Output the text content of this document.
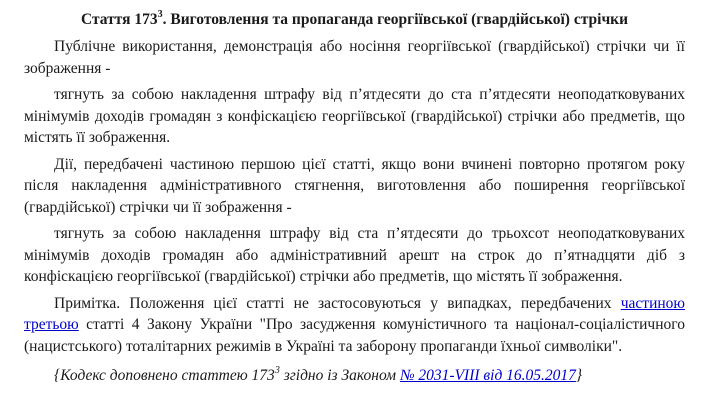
Стаття $173^3$. Виготовлення та пропаганда георгіївської (гвардійської) стрічки

Публічне використання, демонстрація або носіння георгіївської (гвардійської) стрічки чи її зображення -

тягнуть за собою накладення штрафу від п’ятдесяти до ста п’ятдесяти неоподатковуваних мінімумів доходів громадян з конфіскацією георгіївської (гвардійської) стрічки або предметів, що містять її зображення.

Дії, передбачені частиною першою цієї статті, якщо вони вчинені повторно протягом року після накладення адміністративного стягнення, виготовлення або поширення георгіївської (гвардійської) стрічки чи її зображення -

тягнуть за собою накладення штрафу від ста п’ятдесяти до трьохсот неоподатковуваних мінімумів доходів громадян або адміністративний арешт на строк до п’ятнадцяти діб з конфіскацією георгіївської (гвардійської) стрічки або предметів, що містять її зображення.

Примітка. Положення цієї статті не застосовуються у випадках, передбачених частиною третьою статті 4 Закону України "Про засудження комуністичного та націонал-соціалістичного (нацистського) тоталітарних режимів в Україні та заборону пропаганди їхньої символіки".

{Кодекс доповнено статтею $173^3$ згідно із Законом № 2031-VIII від 16.05.2017}
